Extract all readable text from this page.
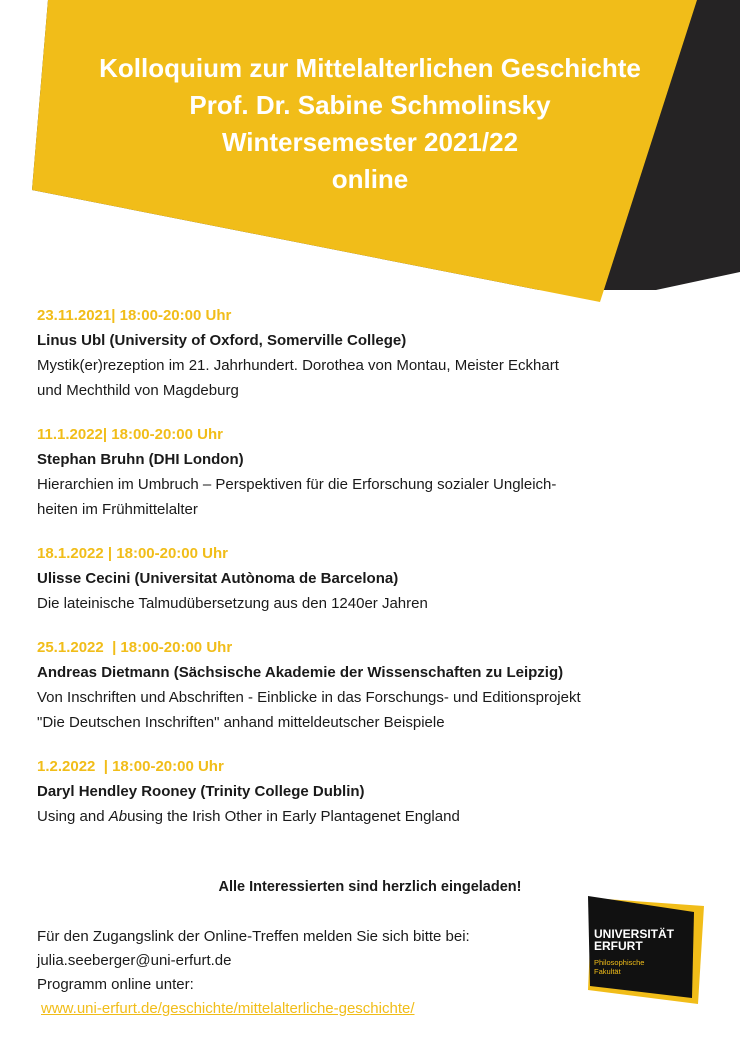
Kolloquium zur Mittelalterlichen Geschichte
Prof. Dr. Sabine Schmolinsky
Wintersemester 2021/22
online
23.11.2021| 18:00-20:00 Uhr
Linus Ubl (University of Oxford, Somerville College)
Mystik(er)rezeption im 21. Jahrhundert. Dorothea von Montau, Meister Eckhart
und Mechthild von Magdeburg
11.1.2022| 18:00-20:00 Uhr
Stephan Bruhn (DHI London)
Hierarchien im Umbruch – Perspektiven für die Erforschung sozialer Ungleich-
heiten im Frühmittelalter
18.1.2022 | 18:00-20:00 Uhr
Ulisse Cecini (Universitat Autònoma de Barcelona)
Die lateinische Talmudübersetzung aus den 1240er Jahren
25.1.2022  | 18:00-20:00 Uhr
Andreas Dietmann (Sächsische Akademie der Wissenschaften zu Leipzig)
Von Inschriften und Abschriften - Einblicke in das Forschungs- und Editionsprojekt
"Die Deutschen Inschriften" anhand mitteldeutscher Beispiele
1.2.2022  | 18:00-20:00 Uhr
Daryl Hendley Rooney (Trinity College Dublin)
Using and Abusing the Irish Other in Early Plantagenet England
Alle Interessierten sind herzlich eingeladen!
Für den Zugangslink der Online-Treffen melden Sie sich bitte bei:
julia.seeberger@uni-erfurt.de
Programm online unter:
www.uni-erfurt.de/geschichte/mittelalterliche-geschichte/
UNIVERSITÄT
ERFURT
Philosophische
Fakultät
